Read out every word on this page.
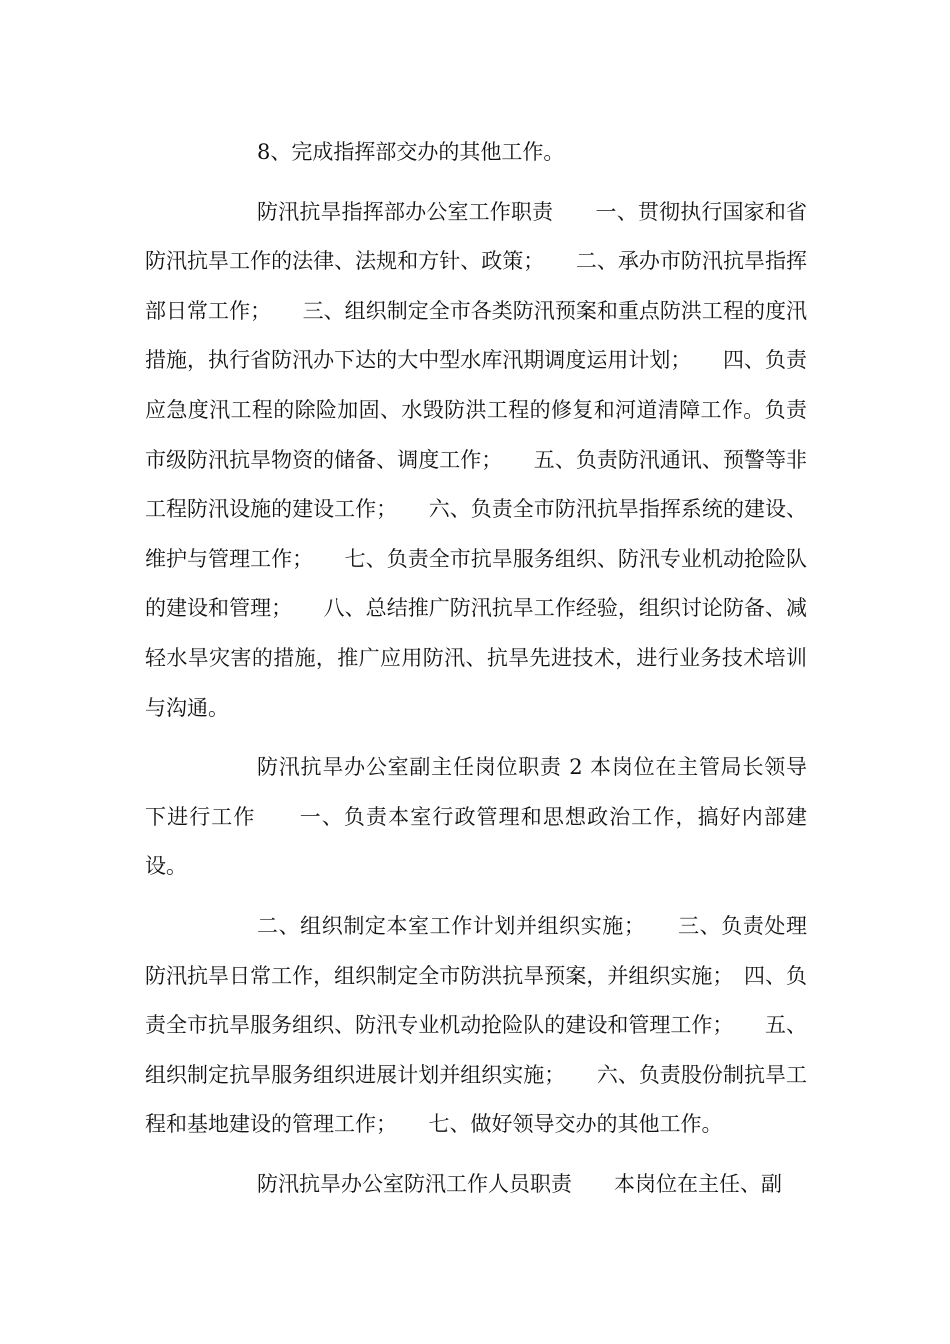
8、完成指挥部交办的其他工作。

防汛抗旱指挥部办公室工作职责　　一、贯彻执行国家和省防汛抗旱工作的法律、法规和方针、政策；　　二、承办市防汛抗旱指挥部日常工作；　　三、组织制定全市各类防汛预案和重点防洪工程的度汛措施，执行省防汛办下达的大中型水库汛期调度运用计划；　　四、负责应急度汛工程的除险加固、水毁防洪工程的修复和河道清障工作。负责市级防汛抗旱物资的储备、调度工作；　　五、负责防汛通讯、预警等非工程防汛设施的建设工作；　　六、负责全市防汛抗旱指挥系统的建设、维护与管理工作；　　七、负责全市抗旱服务组织、防汛专业机动抢险队的建设和管理；　　八、总结推广防汛抗旱工作经验，组织讨论防备、减轻水旱灾害的措施，推广应用防汛、抗旱先进技术，进行业务技术培训与沟通。

防汛抗旱办公室副主任岗位职责 2 本岗位在主管局长领导下进行工作　　一、负责本室行政管理和思想政治工作，搞好内部建设。

二、组织制定本室工作计划并组织实施；　　三、负责处理防汛抗旱日常工作，组织制定全市防洪抗旱预案，并组织实施；　四、负责全市抗旱服务组织、防汛专业机动抢险队的建设和管理工作；　　五、组织制定抗旱服务组织进展计划并组织实施；　　六、负责股份制抗旱工程和基地建设的管理工作；　　七、做好领导交办的其他工作。

防汛抗旱办公室防汛工作人员职责　　本岗位在主任、副
